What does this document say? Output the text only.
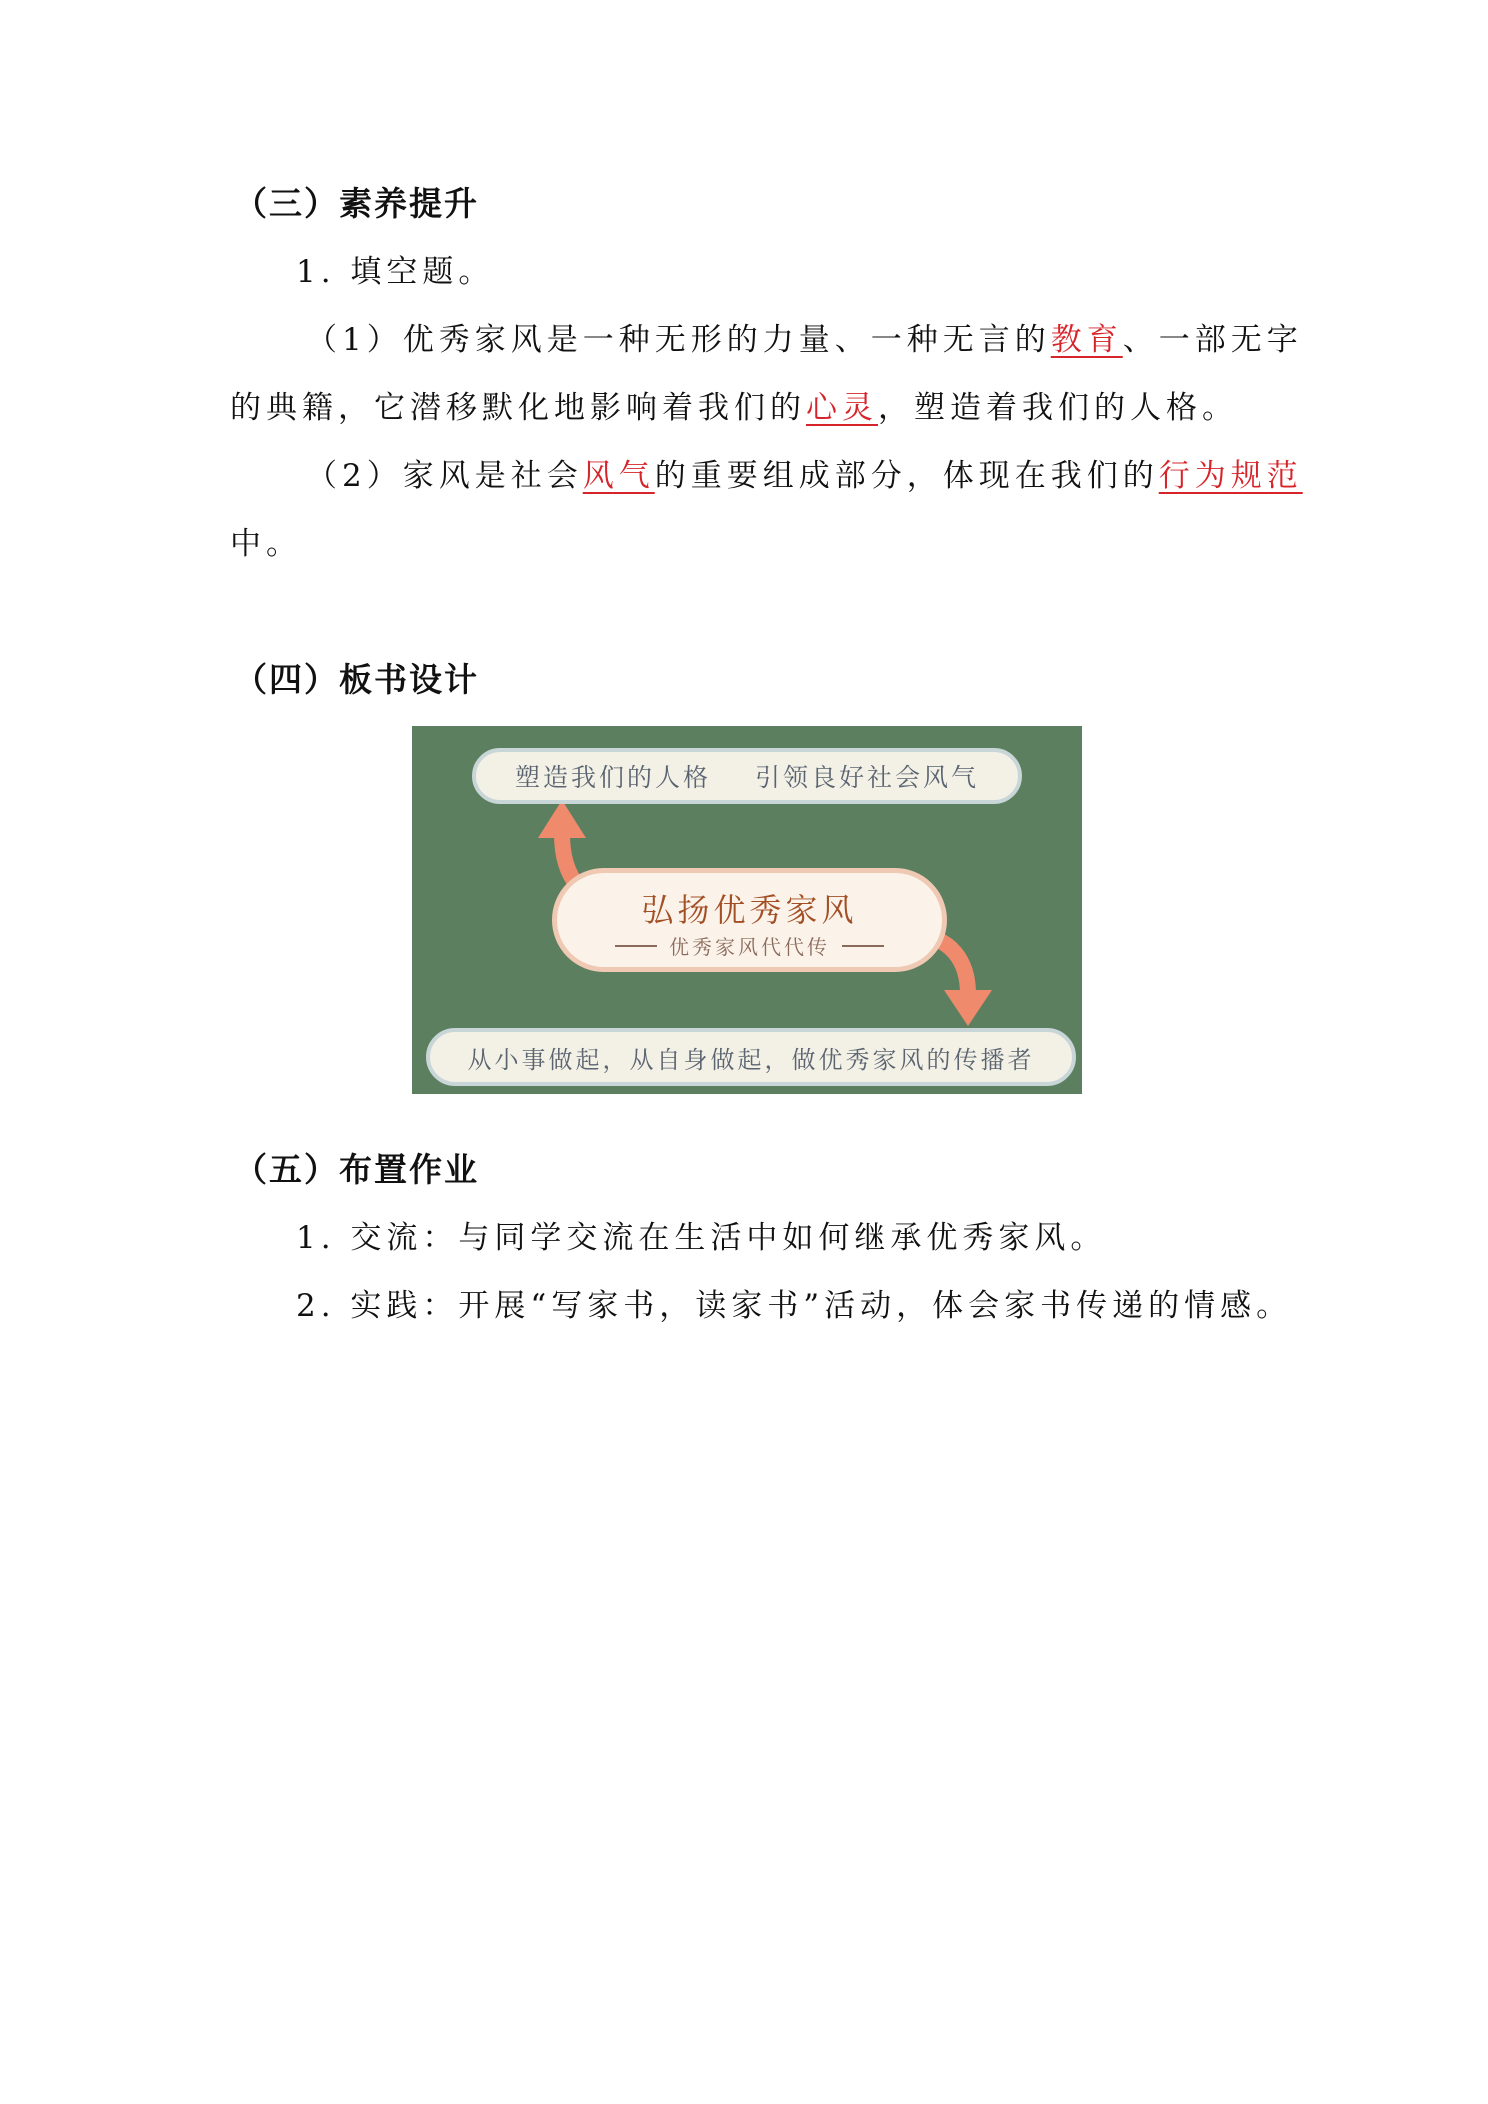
（三）素养提升
1. 填空题。
（1）优秀家风是一种无形的力量、一种无言的教育、一部无字
的典籍，它潜移默化地影响着我们的心灵，塑造着我们的人格。
（2）家风是社会风气的重要组成部分，体现在我们的行为规范
中。
（四）板书设计
塑造我们的人格 引领良好社会风气
弘扬优秀家风
优秀家风代代传
从小事做起，从自身做起，做优秀家风的传播者
（五）布置作业
1. 交流：与同学交流在生活中如何继承优秀家风。
2. 实践：开展“写家书，读家书”活动，体会家书传递的情感。
